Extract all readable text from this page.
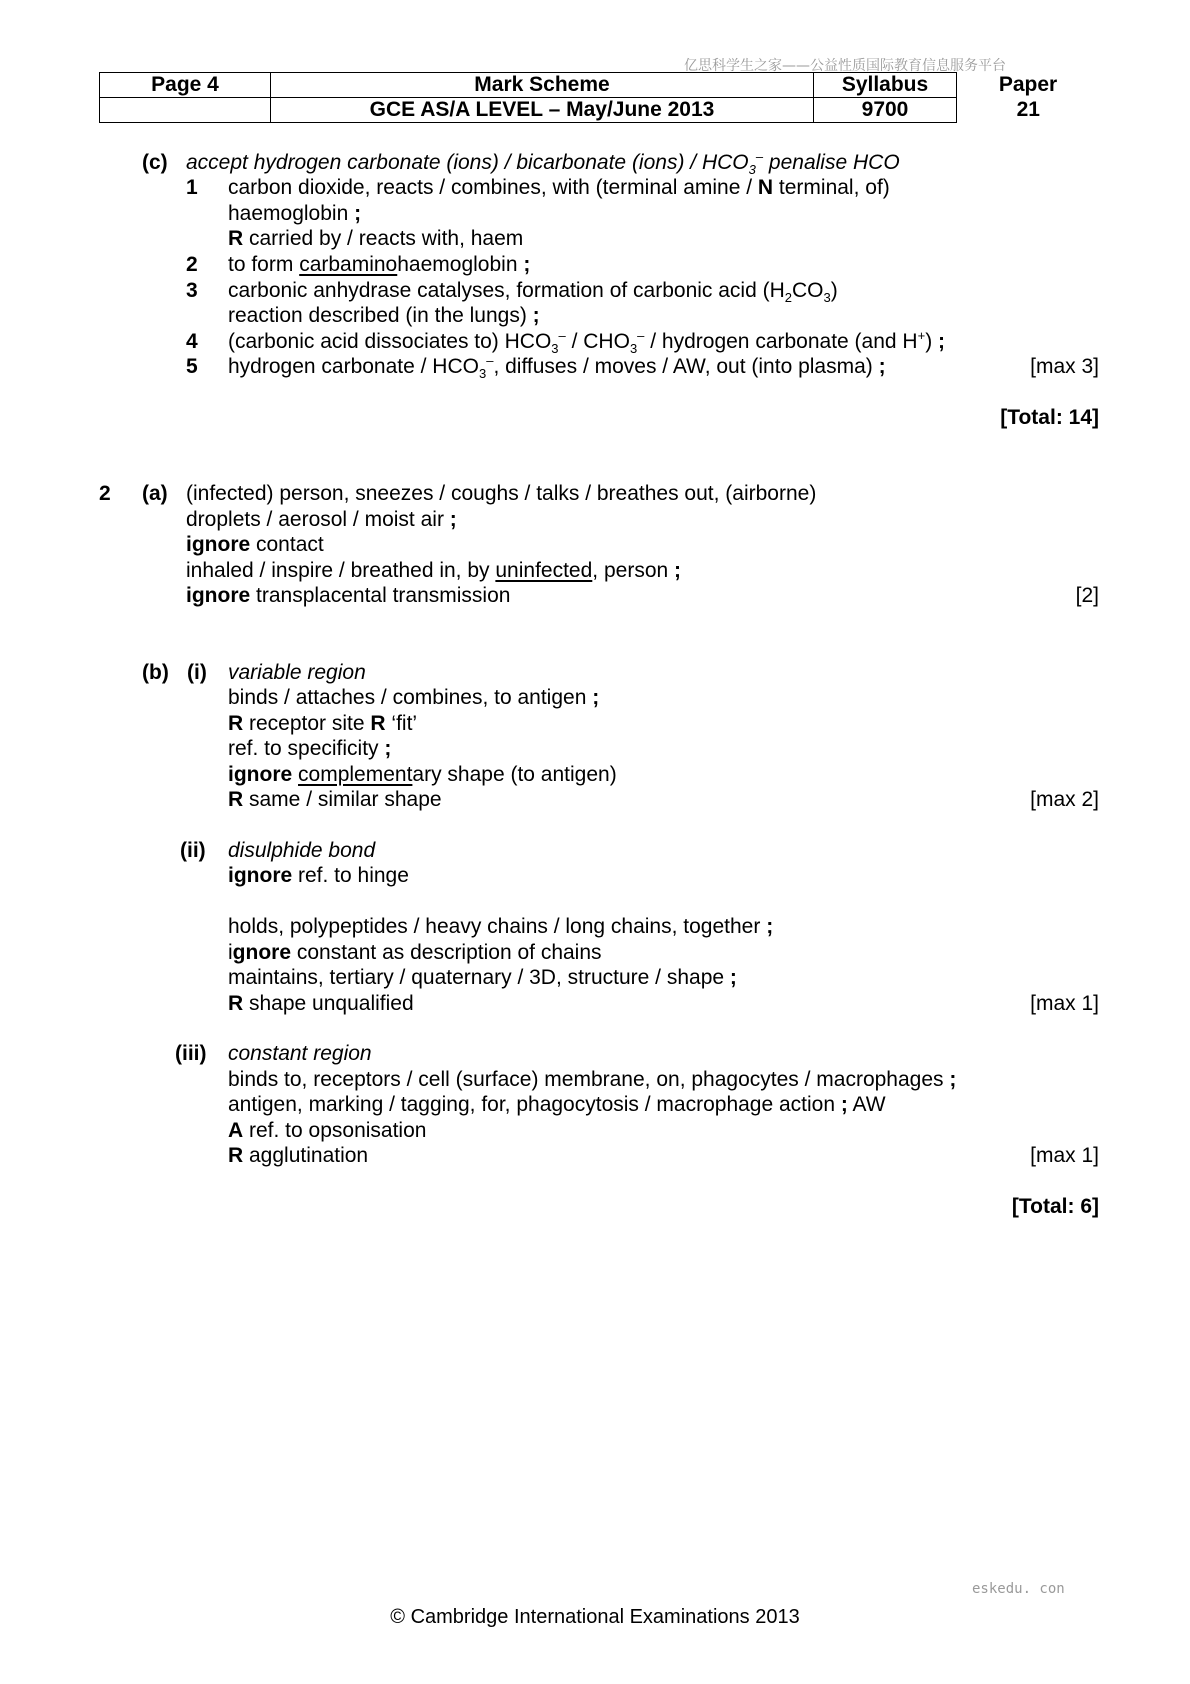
亿思科学生之家——公益性质国际教育信息服务平台
Page 4	Mark Scheme	Syllabus	Paper
	GCE AS/A LEVEL – May/June 2013	9700	21
(c) accept hydrogen carbonate (ions) / bicarbonate (ions) / $HCO_3^-$ penalise HCO
1 carbon dioxide, reacts / combines, with (terminal amine / N terminal, of)
haemoglobin ;
R carried by / reacts with, haem
2 to form carbaminohaemoglobin ;
3 carbonic anhydrase catalyses, formation of carbonic acid $(H_2CO_3)$
reaction described (in the lungs) ;
4 (carbonic acid dissociates to) $HCO_3^- / CHO_3^-$ / hydrogen carbonate (and H+) ;
5 hydrogen carbonate / $HCO_3^-$, diffuses / moves / AW, out (into plasma) ;	[max 3]
[Total: 14]
2 (a) (infected) person, sneezes / coughs / talks / breathes out, (airborne)
droplets / aerosol / moist air ;
ignore contact
inhaled / inspire / breathed in, by uninfected, person ;
ignore transplacental transmission	[2]
(b) (i) variable region
binds / attaches / combines, to antigen ;
R receptor site R ‘fit’
ref. to specificity ;
ignore complementary shape (to antigen)
R same / similar shape	[max 2]
(ii) disulphide bond
ignore ref. to hinge
holds, polypeptides / heavy chains / long chains, together ;
ignore constant as description of chains
maintains, tertiary / quaternary / 3D, structure / shape ;
R shape unqualified	[max 1]
(iii) constant region
binds to, receptors / cell (surface) membrane, on, phagocytes / macrophages ;
antigen, marking / tagging, for, phagocytosis / macrophage action ; AW
A ref. to opsonisation
R agglutination	[max 1]
[Total: 6]
eskedu. con
© Cambridge International Examinations 2013
